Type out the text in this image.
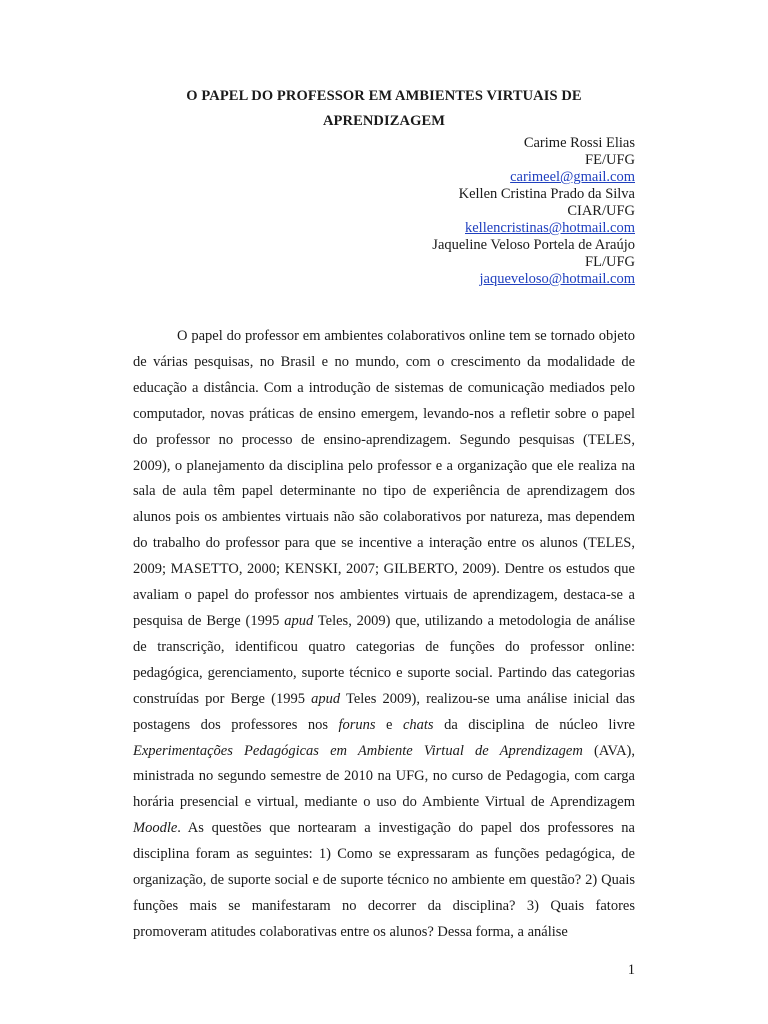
O PAPEL DO PROFESSOR EM AMBIENTES VIRTUAIS DE
APRENDIZAGEM
Carime Rossi Elias
FE/UFG
carimeel@gmail.com
Kellen Cristina Prado da Silva
CIAR/UFG
kellencristinas@hotmail.com
Jaqueline Veloso Portela de Araújo
FL/UFG
jaqueveloso@hotmail.com

O papel do professor em ambientes colaborativos online tem se tornado objeto de várias pesquisas, no Brasil e no mundo, com o crescimento da modalidade de educação a distância. Com a introdução de sistemas de comunicação mediados pelo computador, novas práticas de ensino emergem, levando-nos a refletir sobre o papel do professor no processo de ensino-aprendizagem. Segundo pesquisas (TELES, 2009), o planejamento da disciplina pelo professor e a organização que ele realiza na sala de aula têm papel determinante no tipo de experiência de aprendizagem dos alunos pois os ambientes virtuais não são colaborativos por natureza, mas dependem do trabalho do professor para que se incentive a interação entre os alunos (TELES, 2009; MASETTO, 2000; KENSKI, 2007; GILBERTO, 2009). Dentre os estudos que avaliam o papel do professor nos ambientes virtuais de aprendizagem, destaca-se a pesquisa de Berge (1995 apud Teles, 2009) que, utilizando a metodologia de análise de transcrição, identificou quatro categorias de funções do professor online: pedagógica, gerenciamento, suporte técnico e suporte social. Partindo das categorias construídas por Berge (1995 apud Teles 2009), realizou-se uma análise inicial das postagens dos professores nos foruns e chats da disciplina de núcleo livre Experimentações Pedagógicas em Ambiente Virtual de Aprendizagem (AVA), ministrada no segundo semestre de 2010 na UFG, no curso de Pedagogia, com carga horária presencial e virtual, mediante o uso do Ambiente Virtual de Aprendizagem Moodle. As questões que nortearam a investigação do papel dos professores na disciplina foram as seguintes: 1) Como se expressaram as funções pedagógica, de organização, de suporte social e de suporte técnico no ambiente em questão? 2) Quais funções mais se manifestaram no decorrer da disciplina? 3) Quais fatores promoveram atitudes colaborativas entre os alunos? Dessa forma, a análise

1
